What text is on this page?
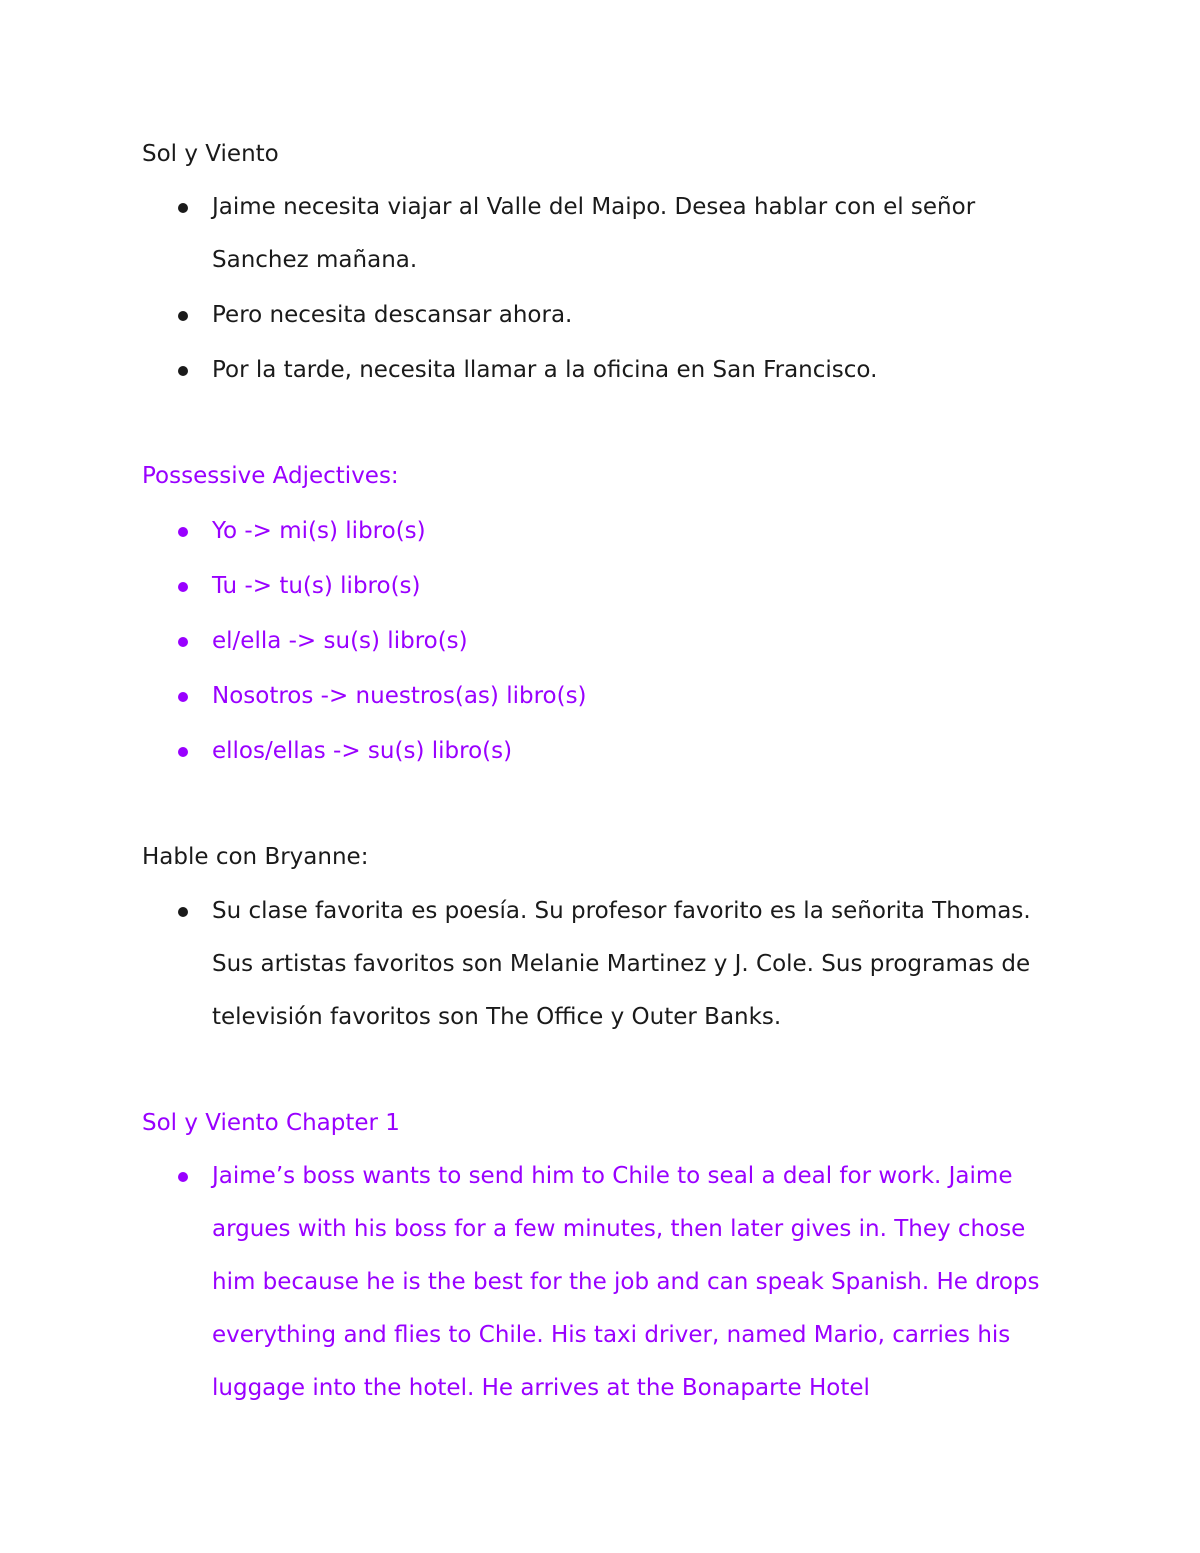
Sol y Viento
Jaime necesita viajar al Valle del Maipo. Desea hablar con el señor Sanchez mañana.
Pero necesita descansar ahora.
Por la tarde, necesita llamar a la oficina en San Francisco.
Possessive Adjectives:
Yo -> mi(s) libro(s)
Tu -> tu(s) libro(s)
el/ella -> su(s) libro(s)
Nosotros -> nuestros(as) libro(s)
ellos/ellas -> su(s) libro(s)
Hable con Bryanne:
Su clase favorita es poesía. Su profesor favorito es la señorita Thomas. Sus artistas favoritos son Melanie Martinez y J. Cole. Sus programas de televisión favoritos son The Office y Outer Banks.
Sol y Viento Chapter 1
Jaime’s boss wants to send him to Chile to seal a deal for work. Jaime argues with his boss for a few minutes, then later gives in. They chose him because he is the best for the job and can speak Spanish. He drops everything and flies to Chile. His taxi driver, named Mario, carries his luggage into the hotel. He arrives at the Bonaparte Hotel
